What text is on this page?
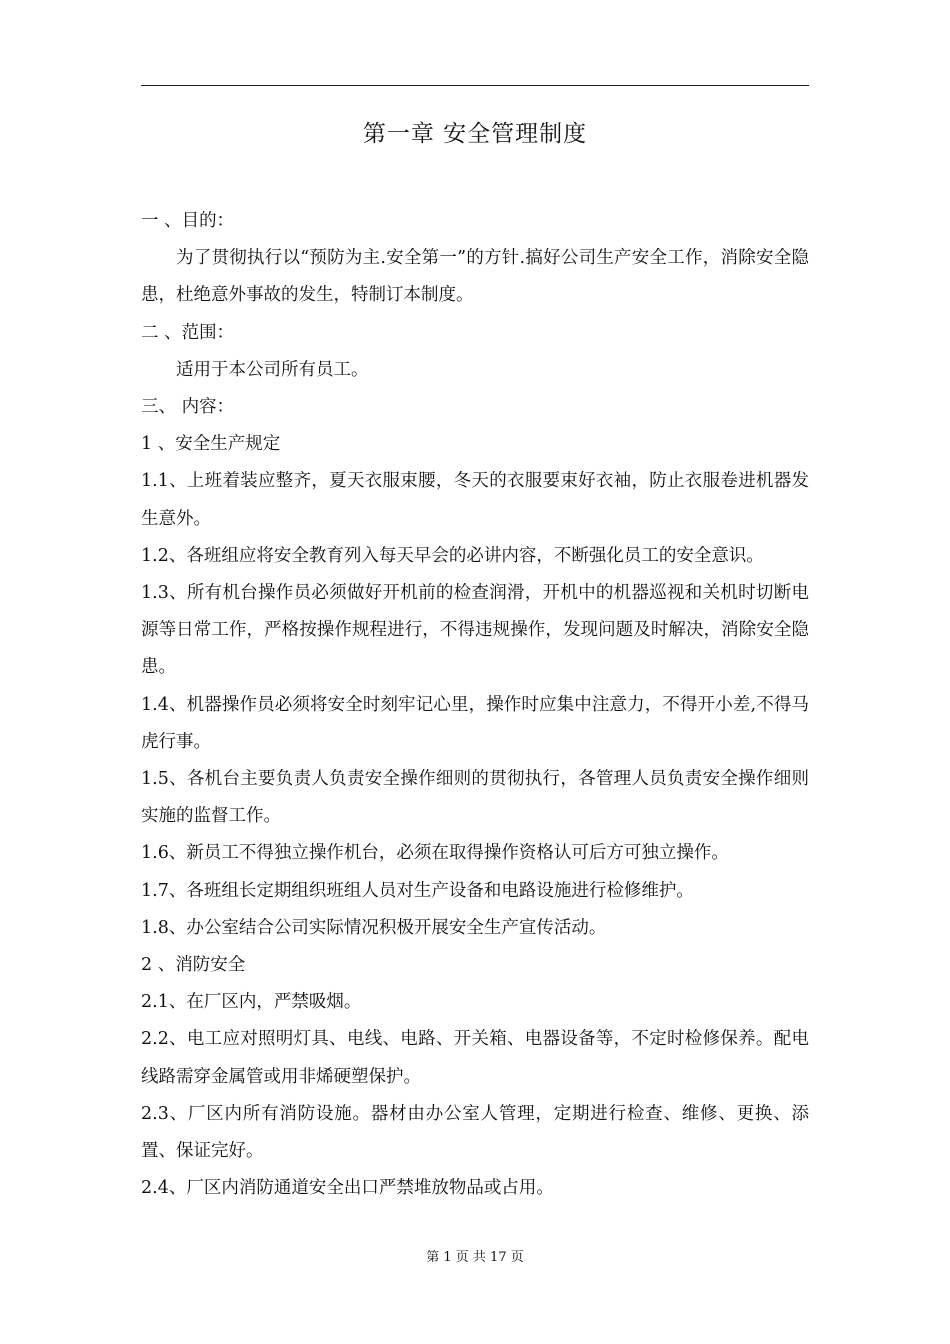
第一章 安全管理制度

一 、目的：

为了贯彻执行以“预防为主.安全第一”的方针.搞好公司生产安全工作，消除安全隐患，杜绝意外事故的发生，特制订本制度。

二 、范围：

适用于本公司所有员工。

三、 内容：

1 、安全生产规定

1.1、上班着装应整齐，夏天衣服束腰，冬天的衣服要束好衣袖，防止衣服卷进机器发生意外。

1.2、各班组应将安全教育列入每天早会的必讲内容，不断强化员工的安全意识。

1.3、所有机台操作员必须做好开机前的检查润滑，开机中的机器巡视和关机时切断电源等日常工作，严格按操作规程进行，不得违规操作，发现问题及时解决，消除安全隐患。

1.4、机器操作员必须将安全时刻牢记心里，操作时应集中注意力，不得开小差,不得马虎行事。

1.5、各机台主要负责人负责安全操作细则的贯彻执行，各管理人员负责安全操作细则实施的监督工作。

1.6、新员工不得独立操作机台，必须在取得操作资格认可后方可独立操作。

1.7、各班组长定期组织班组人员对生产设备和电路设施进行检修维护。

1.8、办公室结合公司实际情况积极开展安全生产宣传活动。

2 、消防安全

2.1、在厂区内，严禁吸烟。

2.2、电工应对照明灯具、电线、电路、开关箱、电器设备等，不定时检修保养。配电线路需穿金属管或用非烯硬塑保护。

2.3、厂区内所有消防设施。器材由办公室人管理，定期进行检查、维修、更换、添置、保证完好。

2.4、厂区内消防通道安全出口严禁堆放物品或占用。

第 1 页 共 17 页
